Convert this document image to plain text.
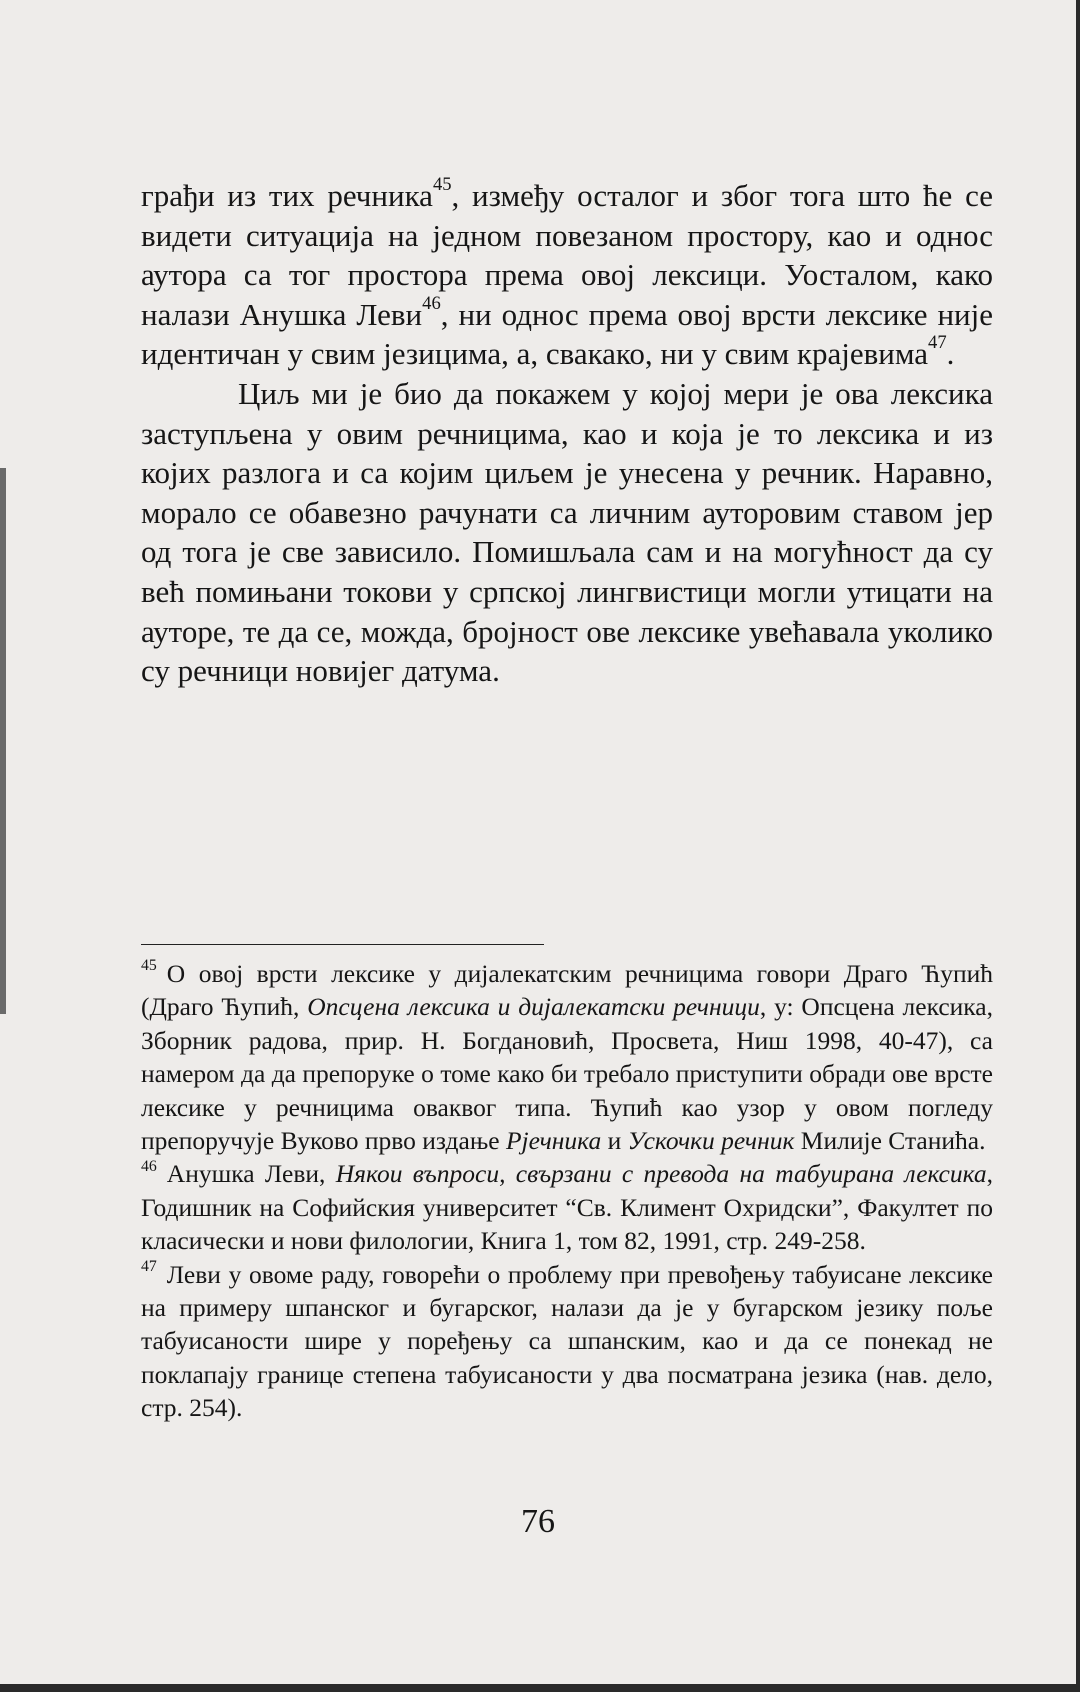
грађи из тих речника$^{45}$, између осталог и због тога што ће се видети ситуација на једном повезаном простору, као и однос аутора са тог простора према овој лексици. Уосталом, како налази Анушка Леви$^{46}$, ни однос према овој врсти лексике није идентичан у свим језицима, а, свакако, ни у свим крајевима$^{47}$.

Циљ ми је био да покажем у којој мери је ова лексика заступљена у овим речницима, као и која је то лексика и из којих разлога и са којим циљем је унесена у речник. Наравно, морало се обавезно рачунати са личним ауторовим ставом јер од тога је све зависило. Помишљала сам и на могућност да су већ помињани токови у српској лингвистици могли утицати на ауторе, те да се, можда, бројност ове лексике увећавала уколико су речници новијег датума.

$^{45}$ О овој врсти лексике у дијалекатским речницима говори Драго Ћупић (Драго Ћупић, Опсцена лексика и дијалекатски речници, у: Опсцена лексика, Зборник радова, прир. Н. Богдановић, Просвета, Ниш 1998, 40-47), са намером да да препоруке о томе како би требало приступити обради ове врсте лексике у речницима оваквог типа. Ћупић као узор у овом погледу препоручује Вуково прво издање Рјечника и Ускочки речник Милије Станића.

$^{46}$ Анушка Леви, Някои въпроси, свързани с превода на табуирана лексика, Годишник на Софийския университет “Св. Климент Охридски”, Факултет по класически и нови филологии, Книга 1, том 82, 1991, стр. 249-258.

$^{47}$ Леви у овоме раду, говорећи о проблему при превођењу табуисане лексике на примеру шпанског и бугарског, налази да је у бугарском језику поље табуисаности шире у поређењу са шпанским, као и да се понекад не поклапају границе степена табуисаности у два посматрана језика (нав. дело, стр. 254).

76
